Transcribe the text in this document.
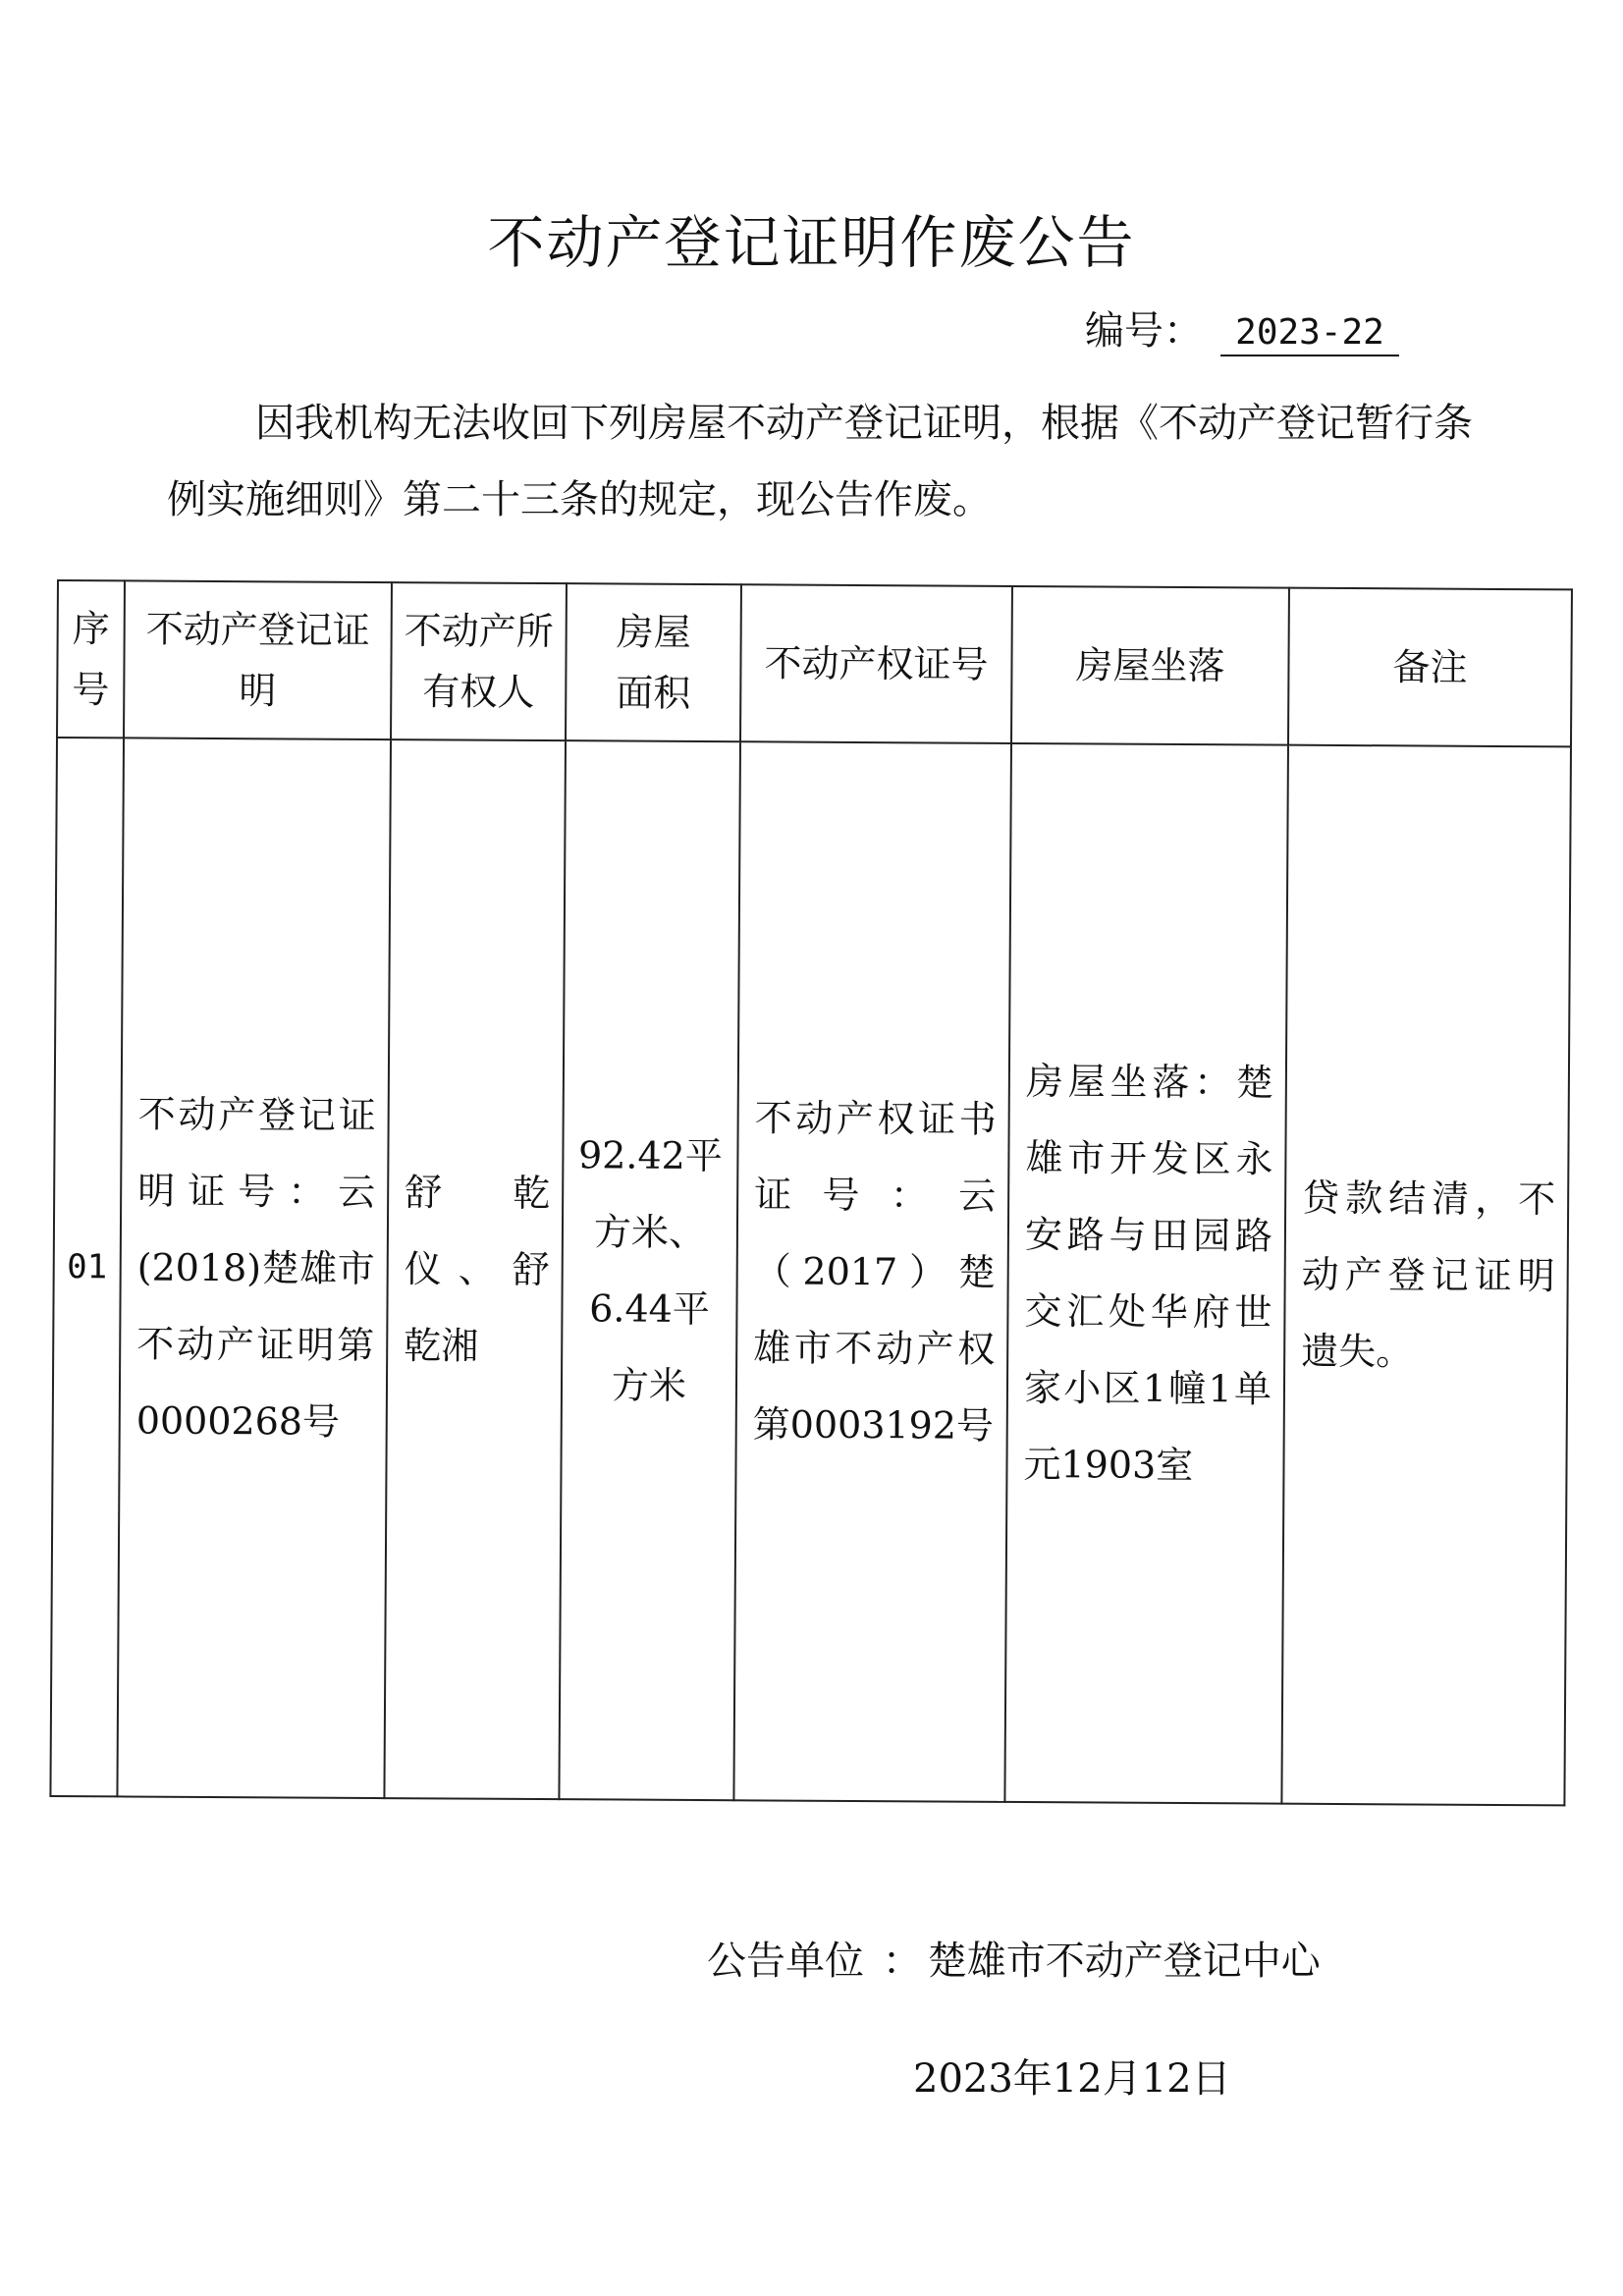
不动产登记证明作废公告
编号： 2023-22
因我机构无法收回下列房屋不动产登记证明，根据《不动产登记暂行条例实施细则》第二十三条的规定，现公告作废。
序号	不动产登记证明	不动产所有权人	房屋面积	不动产权证号	房屋坐落	备注
01	不动产登记证明证号：云(2018)楚雄市不动产证明第0000268号	舒乾仪、舒乾湘	92.42平方米、6.44平方米	不动产权证书证号：云（2017）楚雄市不动产权第0003192号	房屋坐落：楚雄市开发区永安路与田园路交汇处华府世家小区1幢1单元1903室	贷款结清，不动产登记证明遗失。
公告单位 ： 楚雄市不动产登记中心
2023年12月12日
